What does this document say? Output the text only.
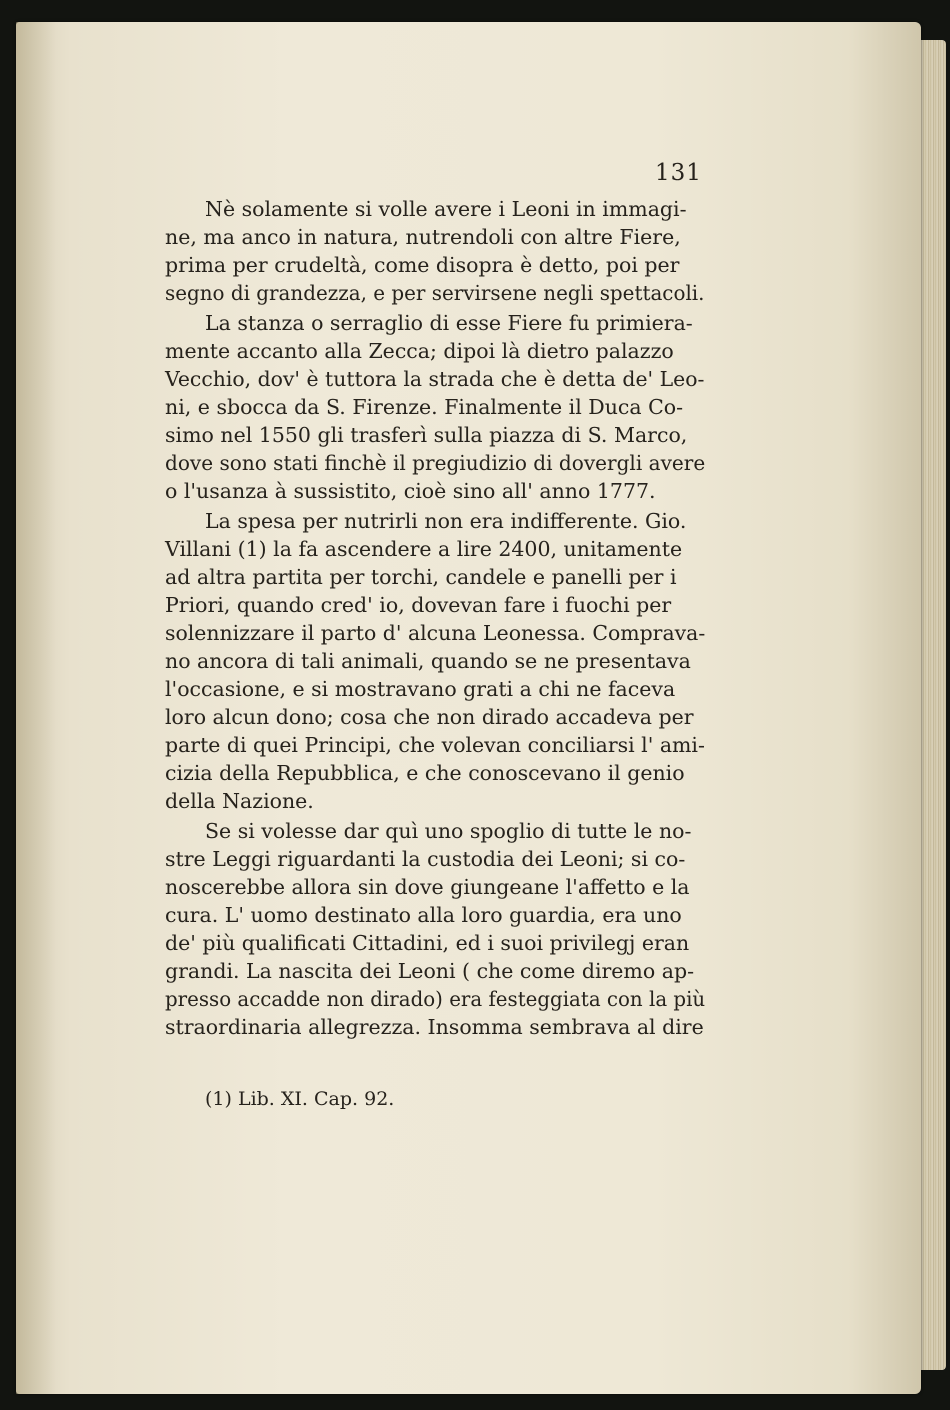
131
Nè solamente si volle avere i Leoni in immagi-
ne, ma anco in natura, nutrendoli con altre Fiere,
prima per crudeltà, come disopra è detto, poi per
segno di grandezza, e per servirsene negli spettacoli.
La stanza o serraglio di esse Fiere fu primiera-
mente accanto alla Zecca; dipoi là dietro palazzo
Vecchio, dov' è tuttora la strada che è detta de' Leo-
ni, e sbocca da S. Firenze. Finalmente il Duca Co-
simo nel 1550 gli trasferì sulla piazza di S. Marco,
dove sono stati finchè il pregiudizio di dovergli avere
o l'usanza à sussistito, cioè sino all' anno 1777.
La spesa per nutrirli non era indifferente. Gio.
Villani (1) la fa ascendere a lire 2400, unitamente
ad altra partita per torchi, candele e panelli per i
Priori, quando cred' io, dovevan fare i fuochi per
solennizzare il parto d' alcuna Leonessa. Comprava-
no ancora di tali animali, quando se ne presentava
l'occasione, e si mostravano grati a chi ne faceva
loro alcun dono; cosa che non dirado accadeva per
parte di quei Principi, che volevan conciliarsi l' ami-
cizia della Repubblica, e che conoscevano il genio
della Nazione.
Se si volesse dar quì uno spoglio di tutte le no-
stre Leggi riguardanti la custodia dei Leoni; si co-
noscerebbe allora sin dove giungeane l'affetto e la
cura. L' uomo destinato alla loro guardia, era uno
de' più qualificati Cittadini, ed i suoi privilegj eran
grandi. La nascita dei Leoni ( che come diremo ap-
presso accadde non dirado) era festeggiata con la più
straordinaria allegrezza. Insomma sembrava al dire
(1) Lib. XI. Cap. 92.
